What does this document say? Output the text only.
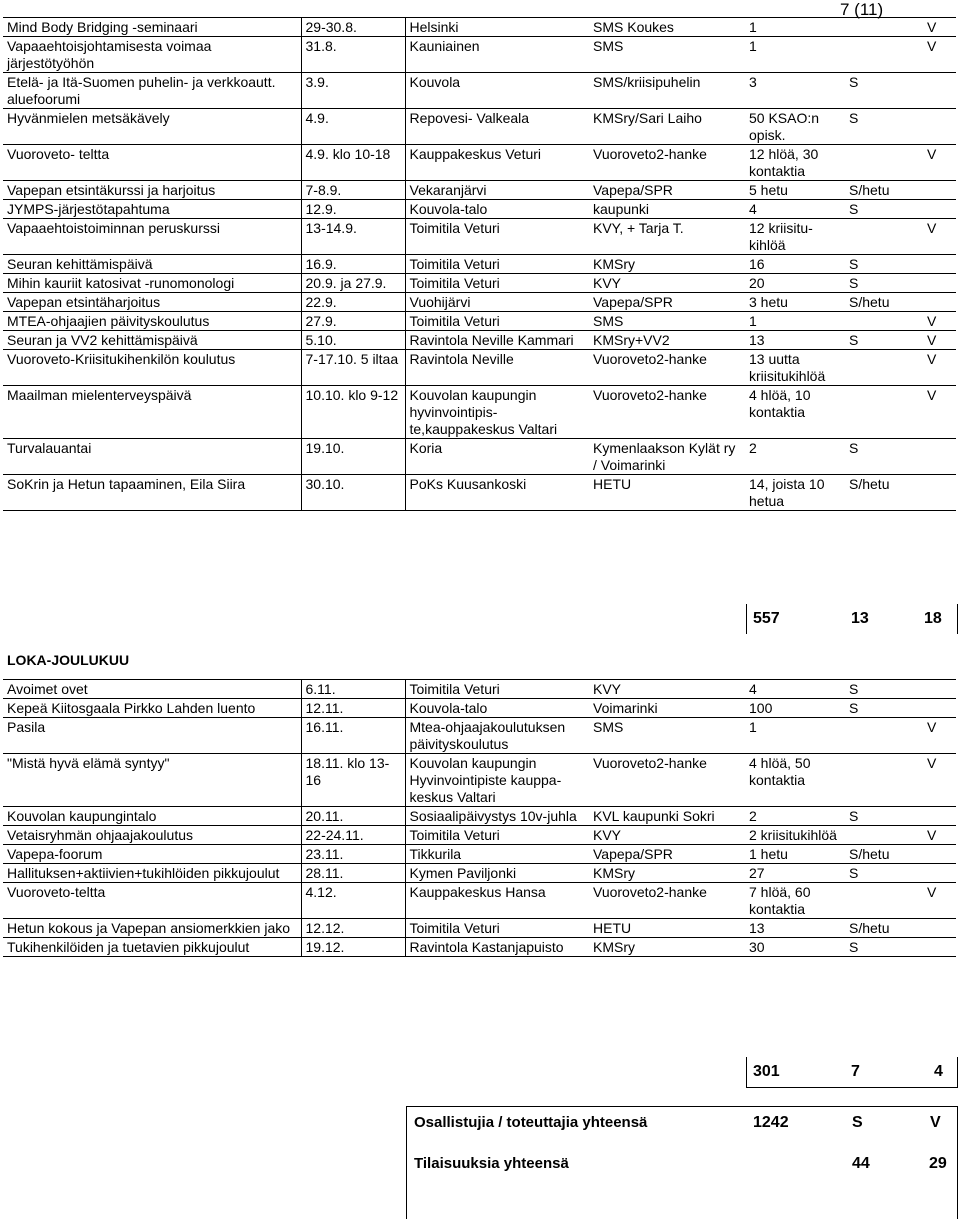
7 (11)
Mind Body Bridging -seminaari	29-30.8.	Helsinki	SMS Koukes	1		V
Vapaaehtoisjohtamisesta voimaa järjestötyöhön	31.8.	Kauniainen	SMS	1		V
Etelä- ja Itä-Suomen puhelin- ja verkkoautt. aluefoorumi	3.9.	Kouvola	SMS/kriisipuhelin	3	S	
Hyvänmielen metsäkävely	4.9.	Repovesi- Valkeala	KMSry/Sari Laiho	50 KSAO:n opisk.	S	
Vuoroveto- teltta	4.9. klo 10-18	Kauppakeskus Veturi	Vuoroveto2-hanke	12 hlöä, 30 kontaktia		V
Vapepan etsintäkurssi ja harjoitus	7-8.9.	Vekaranjärvi	Vapepa/SPR	5 hetu	S/hetu	
JYMPS-järjestötapahtuma	12.9.	Kouvola-talo	kaupunki	4	S	
Vapaaehtoistoiminnan peruskurssi	13-14.9.	Toimitila Veturi	KVY, + Tarja T.	12 kriisitu-kihlöä		V
Seuran kehittämispäivä	16.9.	Toimitila Veturi	KMSry	16	S	
Mihin kauriit katosivat -runomonologi	20.9. ja 27.9.	Toimitila Veturi	KVY	20	S	
Vapepan etsintäharjoitus	22.9.	Vuohijärvi	Vapepa/SPR	3 hetu	S/hetu	
MTEA-ohjaajien päivityskoulutus	27.9.	Toimitila Veturi	SMS	1		V
Seuran ja VV2 kehittämispäivä	5.10.	Ravintola Neville Kammari	KMSry+VV2	13	S	V
Vuoroveto-Kriisitukihenkilön koulutus	7-17.10. 5 iltaa	Ravintola Neville	Vuoroveto2-hanke	13 uutta kriisitukihlöä		V
Maailman mielenterveyspäivä	10.10. klo 9-12	Kouvolan kaupungin hyvinvointipis-te,kauppakeskus Valtari	Vuoroveto2-hanke	4 hlöä, 10 kontaktia		V
Turvalauantai	19.10.	Koria	Kymenlaakson Kylät ry / Voimarinki	2	S	
SoKrin ja Hetun tapaaminen, Eila Siira	30.10.	PoKs Kuusankoski	HETU	14, joista 10 hetua	S/hetu	
557	13	18
LOKA-JOULUKUU
Avoimet ovet	6.11.	Toimitila Veturi	KVY	4	S	
Kepeä Kiitosgaala Pirkko Lahden luento	12.11.	Kouvola-talo	Voimarinki	100	S	
Pasila	16.11.	Mtea-ohjaajakoulutuksen päivityskoulutus	SMS	1		V
"Mistä hyvä elämä syntyy"	18.11. klo 13-16	Kouvolan kaupungin Hyvinvointipiste kauppa-keskus Valtari	Vuoroveto2-hanke	4 hlöä, 50 kontaktia		V
Kouvolan kaupungintalo	20.11.	Sosiaalipäivystys 10v-juhla	KVL kaupunki Sokri	2	S	
Vetaisryhmän ohjaajakoulutus	22-24.11.	Toimitila Veturi	KVY	2 kriisitukihlöä		V
Vapepa-foorum	23.11.	Tikkurila	Vapepa/SPR	1 hetu	S/hetu	
Hallituksen+aktiivien+tukihlöiden pikkujoulut	28.11.	Kymen Paviljonki	KMSry	27	S	
Vuoroveto-teltta	4.12.	Kauppakeskus Hansa	Vuoroveto2-hanke	7 hlöä, 60 kontaktia		V
Hetun kokous ja Vapepan ansiomerkkien jako	12.12.	Toimitila Veturi	HETU	13	S/hetu	
Tukihenkilöiden ja tuetavien pikkujoulut	19.12.	Ravintola Kastanjapuisto	KMSry	30	S	
301	7	4
Osallistujia / toteuttajia yhteensä	1242	S	V
Tilaisuuksia yhteensä	44	29
